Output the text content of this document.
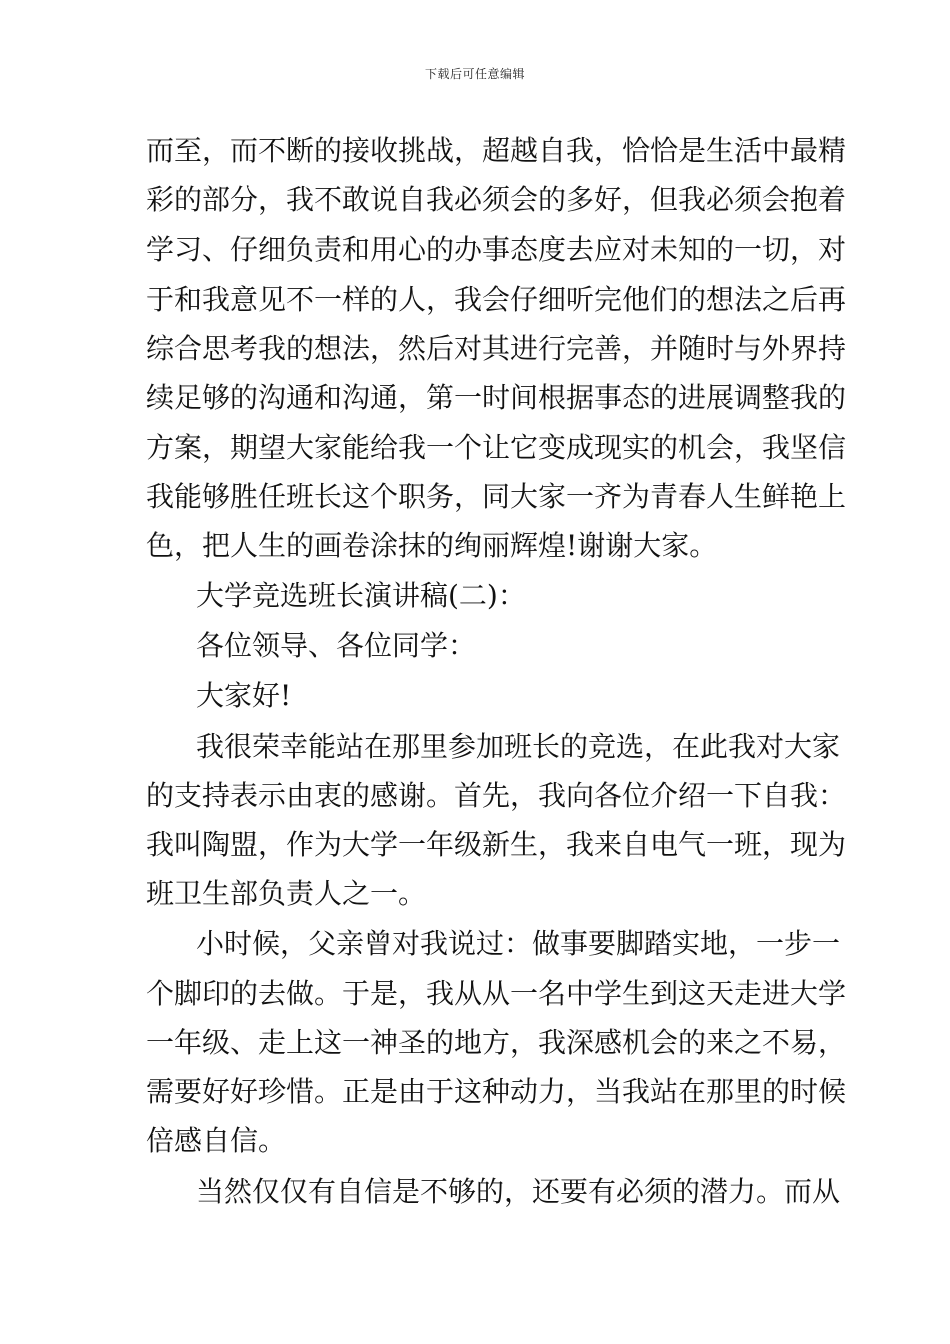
下载后可任意编辑
而至，而不断的接收挑战，超越自我，恰恰是生活中最精
彩的部分，我不敢说自我必须会的多好，但我必须会抱着
学习、仔细负责和用心的办事态度去应对未知的一切，对
于和我意见不一样的人，我会仔细听完他们的想法之后再
综合思考我的想法，然后对其进行完善，并随时与外界持
续足够的沟通和沟通，第一时间根据事态的进展调整我的
方案，期望大家能给我一个让它变成现实的机会，我坚信
我能够胜任班长这个职务，同大家一齐为青春人生鲜艳上
色，把人生的画卷涂抹的绚丽辉煌!谢谢大家。
大学竞选班长演讲稿(二)：
各位领导、各位同学：
大家好!
我很荣幸能站在那里参加班长的竞选，在此我对大家
的支持表示由衷的感谢。首先，我向各位介绍一下自我：
我叫陶盟，作为大学一年级新生，我来自电气一班，现为
班卫生部负责人之一。
小时候，父亲曾对我说过：做事要脚踏实地，一步一
个脚印的去做。于是，我从从一名中学生到这天走进大学
一年级、走上这一神圣的地方，我深感机会的来之不易，
需要好好珍惜。正是由于这种动力，当我站在那里的时候
倍感自信。
当然仅仅有自信是不够的，还要有必须的潜力。而从
